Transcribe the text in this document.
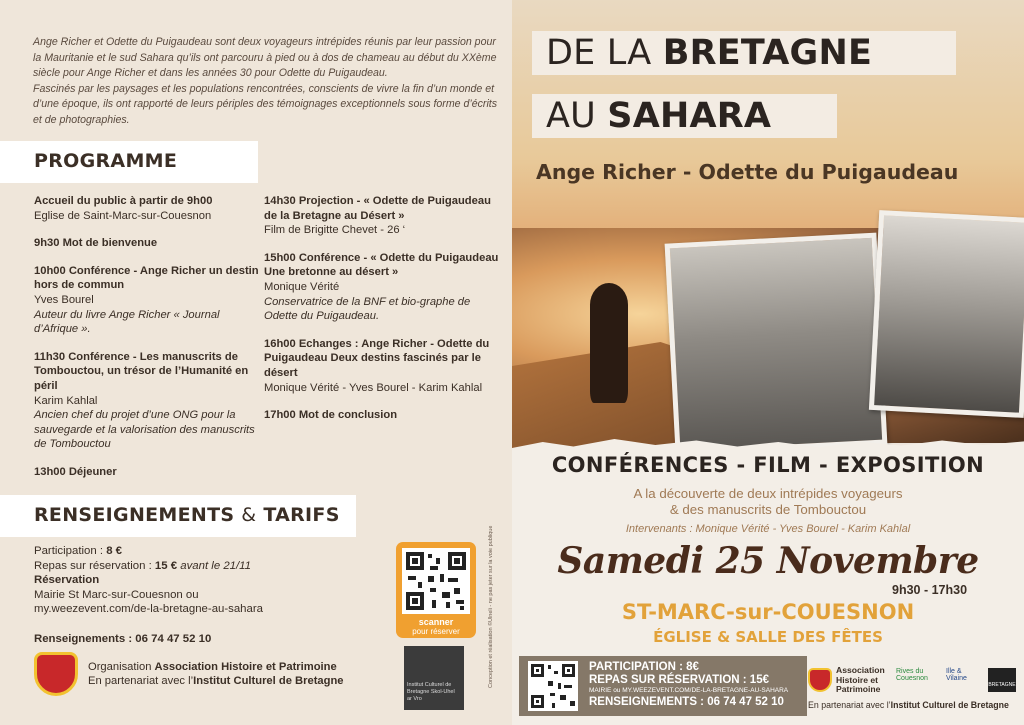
Ange Richer et Odette du Puigaudeau sont deux voyageurs intrépides réunis par leur passion pour la Mauritanie et le sud Sahara qu’ils ont parcouru à pied ou à dos de chameau au début du XXème siècle pour Ange Richer et dans les années 30 pour Odette du Puigaudeau.

Fascinés par les paysages et les populations rencontrées, conscients de vivre la fin d’un monde et d’une époque, ils ont rapporté de leurs périples des témoignages exceptionnels sous forme d’écrits et de photographies.

PROGRAMME
Accueil du public à partir de 9h00
Eglise de Saint-Marc-sur-Couesnon
9h30 Mot de bienvenue
10h00 Conférence - Ange Richer un destin hors de commun
Yves Bourel
Auteur du livre Ange Richer « Journal d’Afrique ».
11h30 Conférence - Les manuscrits de Tombouctou, un trésor de l’Humanité en péril
Karim Kahlal
Ancien chef du projet d’une ONG pour la sauvegarde et la valorisation des manuscrits de Tombouctou
13h00 Déjeuner
14h30 Projection - « Odette de Puigaudeau de la Bretagne au Désert »
Film de Brigitte Chevet - 26 ‘
15h00 Conférence - « Odette du Puigaudeau Une bretonne au désert »
Monique Vérité
Conservatrice de la BNF et bio-graphe de Odette du Puigaudeau.
16h00 Echanges : Ange Richer - Odette du Puigaudeau Deux destins fascinés par le désert
Monique Vérité - Yves Bourel - Karim Kahlal
17h00 Mot de conclusion
RENSEIGNEMENTS & TARIFS
Participation : 8 €
Repas sur réservation : 15 € avant le 21/11
Réservation
Mairie St Marc-sur-Couesnon ou
my.weezevent.com/de-la-bretagne-au-sahara
Renseignements : 06 74 47 52 10
scanner
pour réserver
Organisation Association Histoire et Patrimoine
En partenariat avec l’Institut Culturel de Bretagne	Institut Culturel de Bretagne Skol-Uhel ar Vro
Conception et réalisation ©Ulneli - ne pas jeter sur la voie publique
DE LA BRETAGNE
AU SAHARA
Ange Richer - Odette du Puigaudeau
CONFÉRENCES - FILM - EXPOSITION
A la découverte de deux intrépides voyageurs
& des manuscrits de Tombouctou
Intervenants : Monique Vérité - Yves Bourel - Karim Kahlal
Samedi 25 Novembre
9h30 - 17h30
ST-MARC-sur-COUESNON
ÉGLISE & SALLE DES FÊTES
PARTICIPATION : 8€
REPAS SUR RÉSERVATION : 15€
MAIRIE ou MY.WEEZEVENT.COM/DE-LA-BRETAGNE-AU-SAHARA
RENSEIGNEMENTS : 06 74 47 52 10
Association Histoire et Patrimoine
Rives du Couesnon
Ille & Vilaine
BRETAGNE
En partenariat avec l’Institut Culturel de Bretagne
